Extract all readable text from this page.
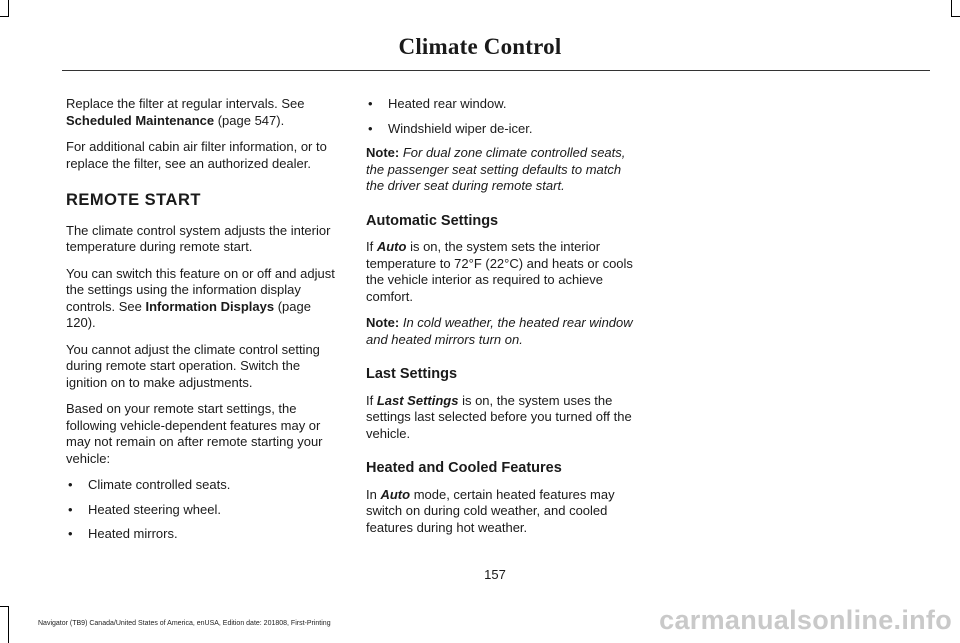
Climate Control

Replace the filter at regular intervals. See Scheduled Maintenance (page 547).

For additional cabin air filter information, or to replace the filter, see an authorized dealer.

REMOTE START

The climate control system adjusts the interior temperature during remote start.

You can switch this feature on or off and adjust the settings using the information display controls. See Information Displays (page 120).

You cannot adjust the climate control setting during remote start operation. Switch the ignition on to make adjustments.

Based on your remote start settings, the following vehicle-dependent features may or may not remain on after remote starting your vehicle:

• Climate controlled seats.
• Heated steering wheel.
• Heated mirrors.
• Heated rear window.
• Windshield wiper de-icer.

Note: For dual zone climate controlled seats, the passenger seat setting defaults to match the driver seat during remote start.

Automatic Settings

If Auto is on, the system sets the interior temperature to 72°F (22°C) and heats or cools the vehicle interior as required to achieve comfort.

Note: In cold weather, the heated rear window and heated mirrors turn on.

Last Settings

If Last Settings is on, the system uses the settings last selected before you turned off the vehicle.

Heated and Cooled Features

In Auto mode, certain heated features may switch on during cold weather, and cooled features during hot weather.

157
Navigator (TB9) Canada/United States of America, enUSA, Edition date: 201808, First-Printing	carmanualsonline.info
